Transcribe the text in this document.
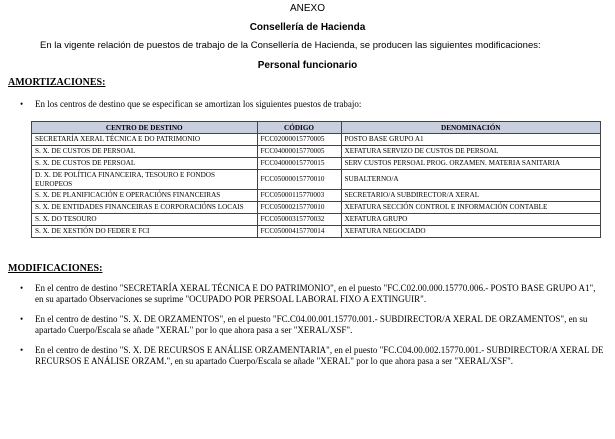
ANEXO
Consellería de Hacienda
En la vigente relación de puestos de trabajo de la Consellería de Hacienda, se producen las siguientes modificaciones:
Personal funcionario
AMORTIZACIONES:
•	En los centros de destino que se especifican se amortizan los siguientes puestos de trabajo:
CENTRO DE DESTINO	CÓDIGO	DENOMINACIÓN
SECRETARÍA XERAL TÉCNICA E DO PATRIMONIO	FCC02000015770005	POSTO BASE GRUPO A1
S. X. DE CUSTOS DE PERSOAL	FCC04000015770005	XEFATURA SERVIZO DE CUSTOS DE PERSOAL
S. X. DE CUSTOS DE PERSOAL	FCC04000015770015	SERV CUSTOS PERSOAL PROG. ORZAMEN. MATERIA SANITARIA
D. X. DE POLÍTICA FINANCEIRA, TESOURO E FONDOS EUROPEOS	FCC05000015770010	SUBALTERNO/A
S. X. DE PLANIFICACIÓN E OPERACIÓNS FINANCEIRAS	FCC05000115770003	SECRETARIO/A SUBDIRECTOR/A XERAL
S. X. DE ENTIDADES FINANCEIRAS E CORPORACIÓNS LOCAIS	FCC05000215770010	XEFATURA SECCIÓN CONTROL E INFORMACIÓN CONTABLE
S. X. DO TESOURO	FCC05000315770032	XEFATURA GRUPO
S. X. DE XESTIÓN DO FEDER E FCI	FCC05000415770014	XEFATURA NEGOCIADO
MODIFICACIONES:
•	En el centro de destino "SECRETARÍA XERAL TÉCNICA E DO PATRIMONIO", en el puesto "FC.C02.00.000.15770.006.- POSTO BASE GRUPO A1", en su apartado Observaciones se suprime "OCUPADO POR PERSOAL LABORAL FIXO A EXTINGUIR".
•	En el centro de destino "S. X. DE ORZAMENTOS", en el puesto "FC.C04.00.001.15770.001.- SUBDIRECTOR/A XERAL DE ORZAMENTOS", en su apartado Cuerpo/Escala se añade "XERAL" por lo que ahora pasa a ser "XERAL/XSF".
•	En el centro de destino "S. X. DE RECURSOS E ANÁLISE ORZAMENTARIA", en el puesto "FC.C04.00.002.15770.001.- SUBDIRECTOR/A XERAL DE RECURSOS E ANÁLISE ORZAM.", en su apartado Cuerpo/Escala se añade "XERAL" por lo que ahora pasa a ser "XERAL/XSF".
